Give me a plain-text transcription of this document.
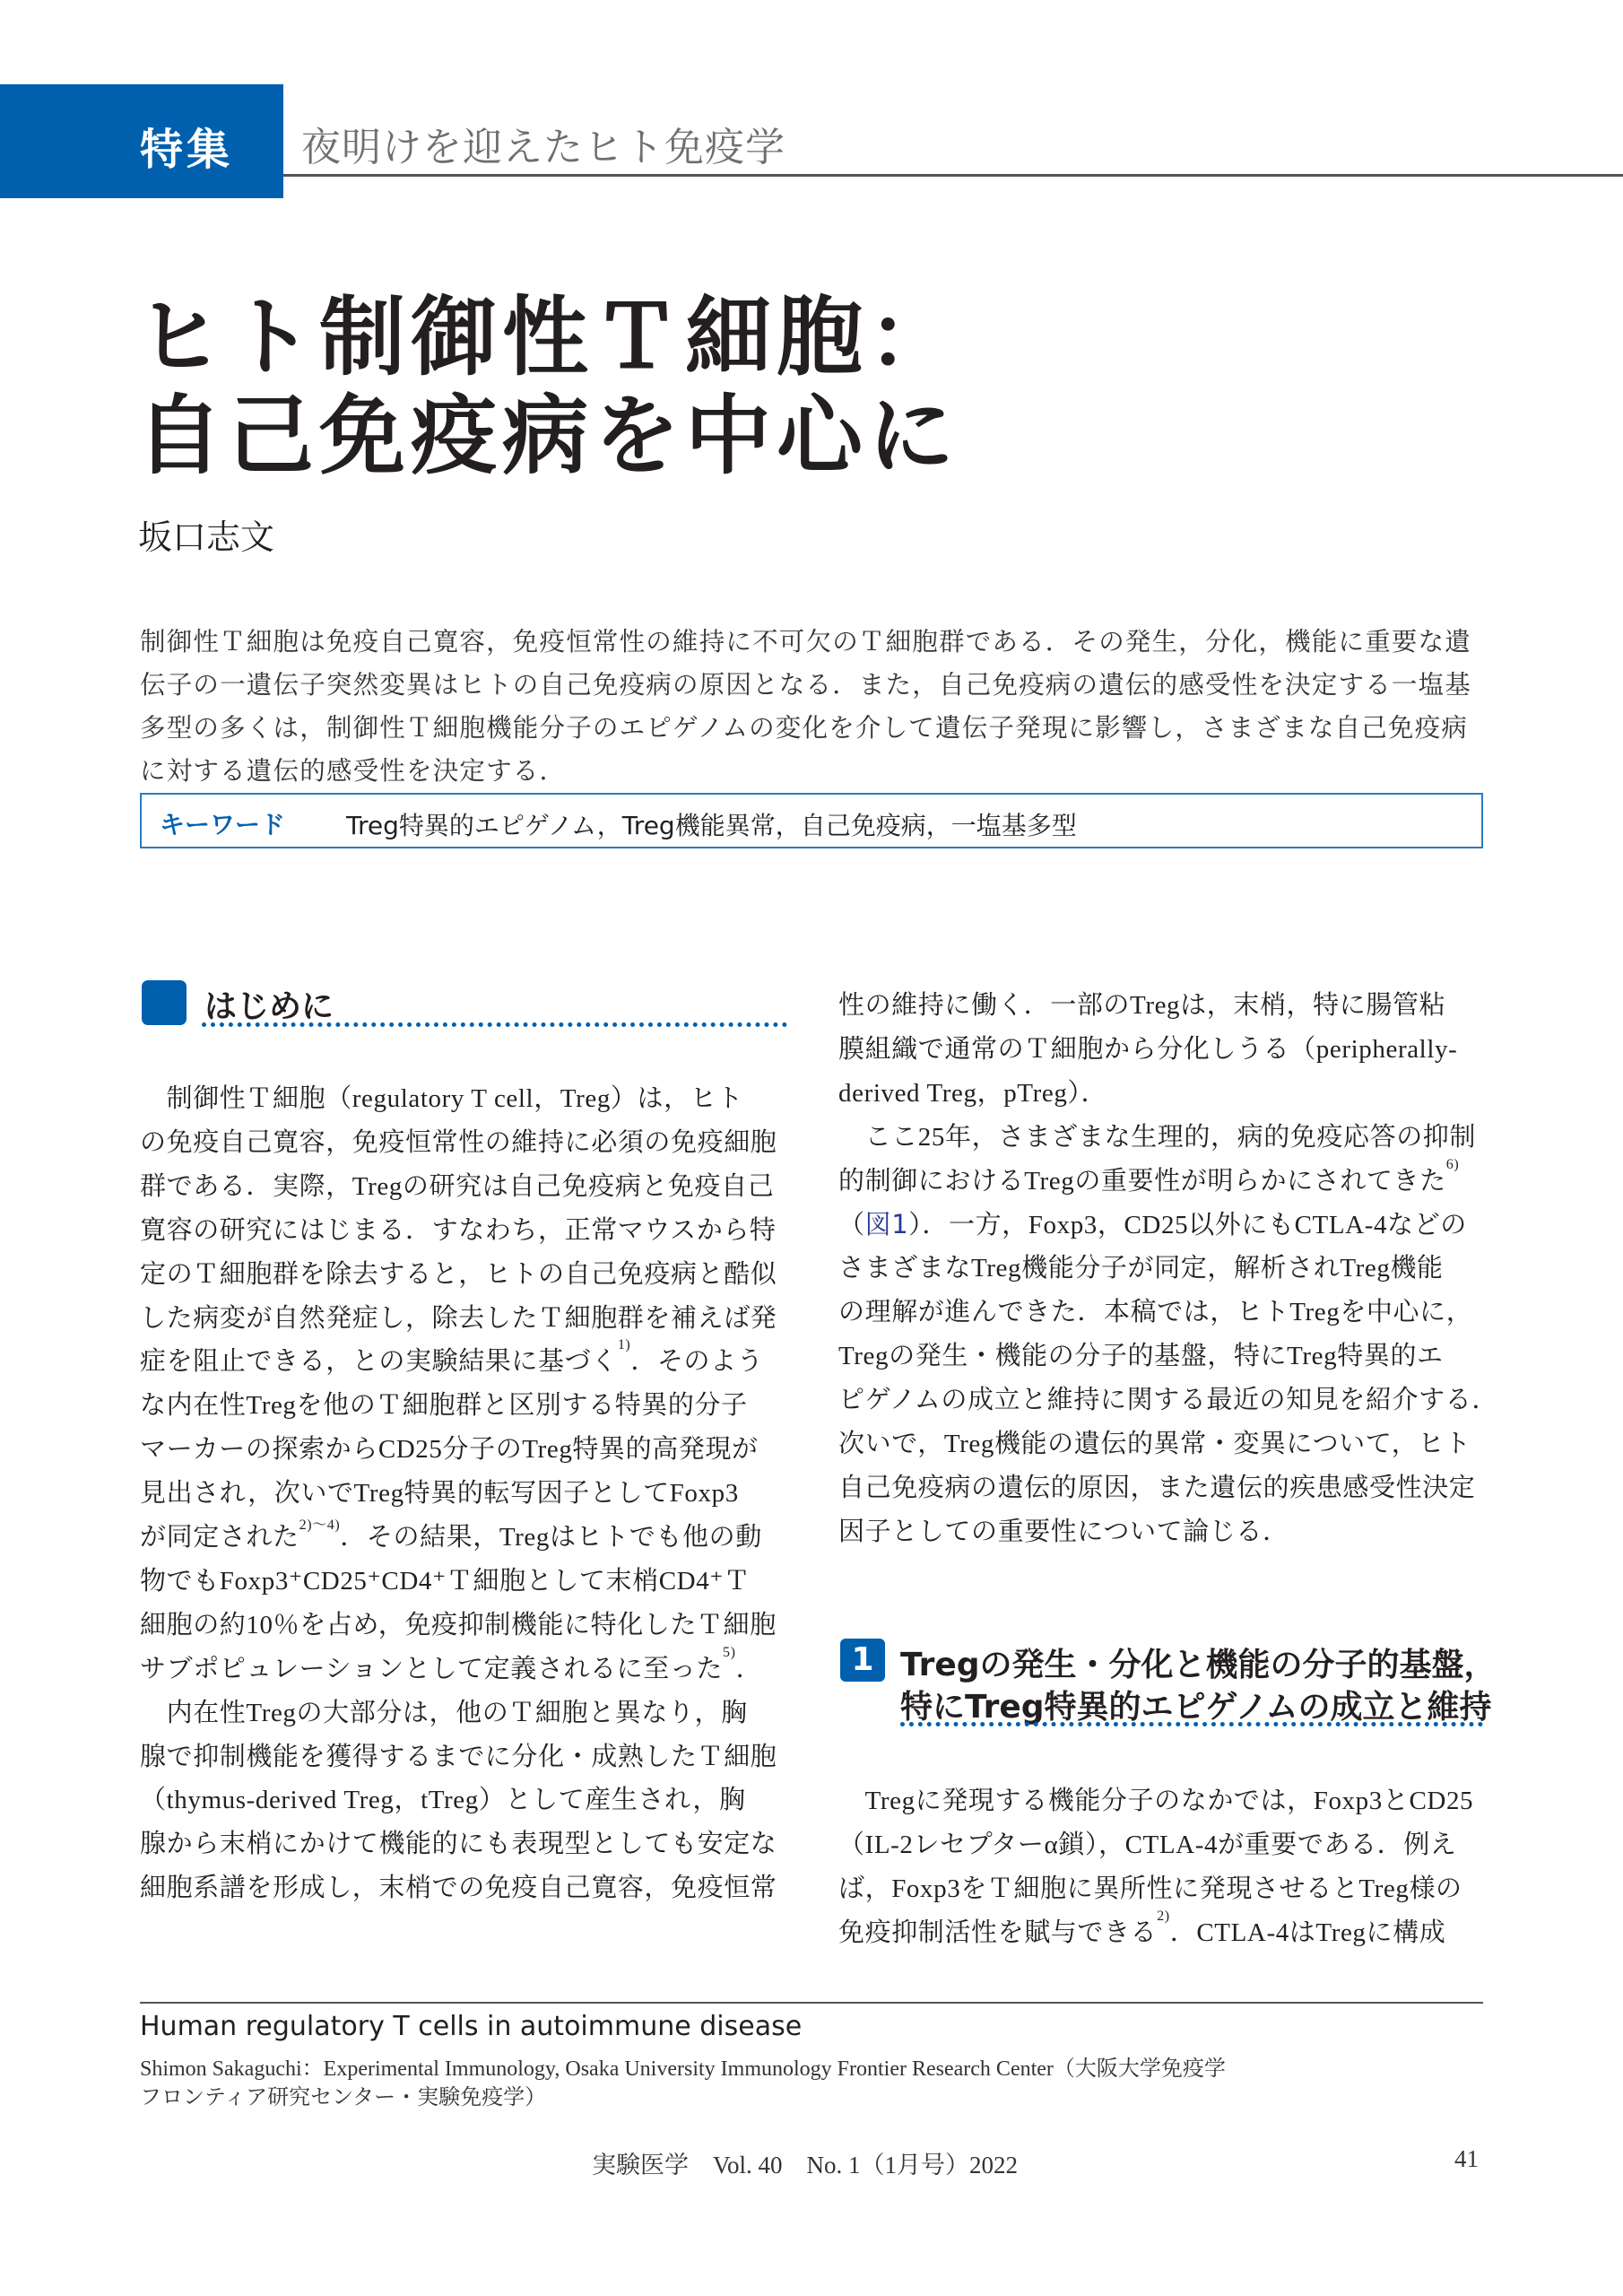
特集 夜明けを迎えたヒト免疫学
ヒト制御性Ｔ細胞：
自己免疫病を中心に
坂口志文
制御性Ｔ細胞は免疫自己寛容，免疫恒常性の維持に不可欠のＴ細胞群である．その発生，分化，機能に重要な遺
伝子の一遺伝子突然変異はヒトの自己免疫病の原因となる．また，自己免疫病の遺伝的感受性を決定する一塩基
多型の多くは，制御性Ｔ細胞機能分子のエピゲノムの変化を介して遺伝子発現に影響し，さまざまな自己免疫病
に対する遺伝的感受性を決定する．
キーワード Treg特異的エピゲノム，Treg機能異常，自己免疫病，一塩基多型
はじめに
　制御性Ｔ細胞（regulatory T cell，Treg）は，ヒト
の免疫自己寛容，免疫恒常性の維持に必須の免疫細胞
群である．実際，Tregの研究は自己免疫病と免疫自己
寛容の研究にはじまる．すなわち，正常マウスから特
定のＴ細胞群を除去すると，ヒトの自己免疫病と酷似
した病変が自然発症し，除去したＴ細胞群を補えば発
症を阻止できる，との実験結果に基づく$^{1)}$．そのよう
な内在性Tregを他のＴ細胞群と区別する特異的分子
マーカーの探索からCD25分子のTreg特異的高発現が
見出され，次いでTreg特異的転写因子としてFoxp3
が同定された$^{2)\sim 4)}$．その結果，Tregはヒトでも他の動
物でもFoxp3⁺CD25⁺CD4⁺Ｔ細胞として末梢CD4⁺Ｔ
細胞の約10％を占め，免疫抑制機能に特化したＴ細胞
サブポピュレーションとして定義されるに至った$^{5)}$．
　内在性Tregの大部分は，他のＴ細胞と異なり，胸
腺で抑制機能を獲得するまでに分化・成熟したＴ細胞
（thymus-derived Treg，tTreg）として産生され，胸
腺から末梢にかけて機能的にも表現型としても安定な
細胞系譜を形成し，末梢での免疫自己寛容，免疫恒常
性の維持に働く．一部のTregは，末梢，特に腸管粘
膜組織で通常のＴ細胞から分化しうる（peripherally-
derived Treg，pTreg）．
　ここ25年，さまざまな生理的，病的免疫応答の抑制
的制御におけるTregの重要性が明らかにされてきた$^{6)}$
（図1）．一方，Foxp3，CD25以外にもCTLA-4などの
さまざまなTreg機能分子が同定，解析されTreg機能
の理解が進んできた．本稿では，ヒトTregを中心に，
Tregの発生・機能の分子的基盤，特にTreg特異的エ
ピゲノムの成立と維持に関する最近の知見を紹介する．
次いで，Treg機能の遺伝的異常・変異について，ヒト
自己免疫病の遺伝的原因，また遺伝的疾患感受性決定
因子としての重要性について論じる．
1 Tregの発生・分化と機能の分子的基盤，
特にTreg特異的エピゲノムの成立と維持
　Tregに発現する機能分子のなかでは，Foxp3とCD25
（IL-2レセプターα鎖），CTLA-4が重要である．例え
ば，Foxp3をＴ細胞に異所性に発現させるとTreg様の
免疫抑制活性を賦与できる$^{2)}$．CTLA-4はTregに構成
Human regulatory T cells in autoimmune disease
Shimon Sakaguchi：Experimental Immunology, Osaka University Immunology Frontier Research Center（大阪大学免疫学
フロンティア研究センター・実験免疫学）
実験医学　Vol. 40　No. 1（1月号）2022	41
